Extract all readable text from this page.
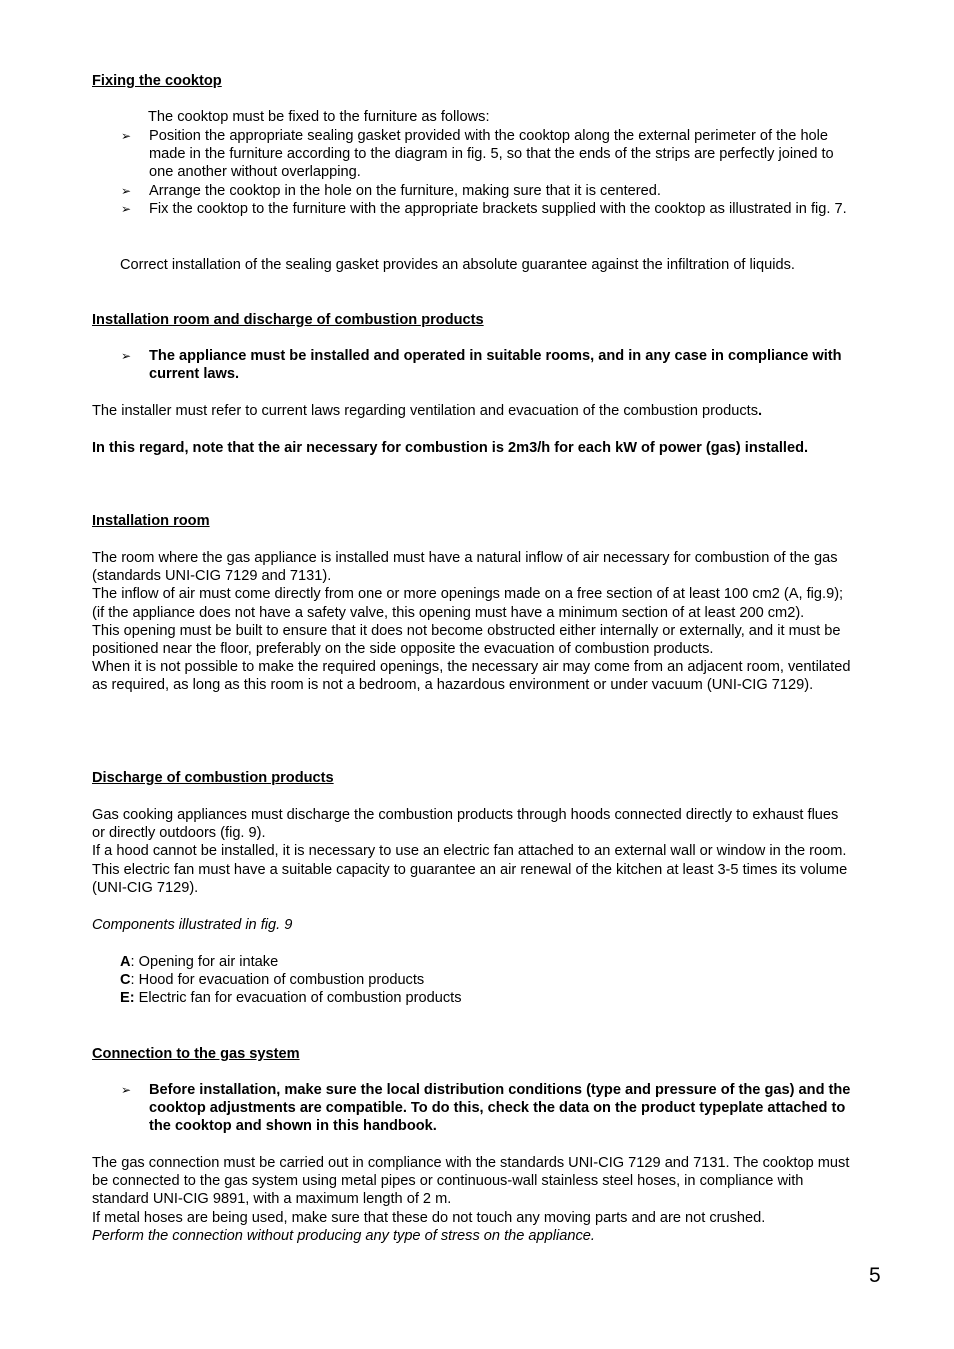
Fixing the cooktop

The cooktop must be fixed to the furniture as follows:

➢ Position the appropriate sealing gasket provided with the cooktop along the external perimeter of the hole made in the furniture according to the diagram in fig. 5, so that the ends of the strips are perfectly joined to one another without overlapping.
➢ Arrange the cooktop in the hole on the furniture, making sure that it is centered.
➢ Fix the cooktop to the furniture with the appropriate brackets supplied with the cooktop as illustrated in fig. 7.

Correct installation of the sealing gasket provides an absolute guarantee against the infiltration of liquids.

Installation room and discharge of combustion products

➢ The appliance must be installed and operated in suitable rooms, and in any case in compliance with current laws.

The installer must refer to current laws regarding ventilation and evacuation of the combustion products.

In this regard, note that the air necessary for combustion is 2m3/h for each kW of power (gas) installed.

Installation room

The room where the gas appliance is installed must have a natural inflow of air necessary for combustion of the gas (standards UNI-CIG 7129 and 7131).
The inflow of air must come directly from one or more openings made on a free section of at least 100 cm2 (A, fig.9); (if the appliance does not have a safety valve, this opening must have a minimum section of at least 200 cm2).
This opening must be built to ensure that it does not become obstructed either internally or externally, and it must be positioned near the floor, preferably on the side opposite the evacuation of combustion products.
When it is not possible to make the required openings, the necessary air may come from an adjacent room, ventilated as required, as long as this room is not a bedroom, a hazardous environment or under vacuum (UNI-CIG 7129).

Discharge of combustion products

Gas cooking appliances must discharge the combustion products through hoods connected directly to exhaust flues or directly outdoors (fig. 9).
If a hood cannot be installed, it is necessary to use an electric fan attached to an external wall or window in the room. This electric fan must have a suitable capacity to guarantee an air renewal of the kitchen at least 3-5 times its volume (UNI-CIG 7129).

Components illustrated in fig. 9

A: Opening for air intake
C: Hood for evacuation of combustion products
E: Electric fan for evacuation of combustion products

Connection to the gas system

➢ Before installation, make sure the local distribution conditions (type and pressure of the gas) and the cooktop adjustments are compatible. To do this, check the data on the product typeplate attached to the cooktop and shown in this handbook.
The gas connection must be carried out in compliance with the standards UNI-CIG 7129 and 7131. The cooktop must be connected to the gas system using metal pipes or continuous-wall stainless steel hoses, in compliance with standard UNI-CIG 9891, with a maximum length of 2 m.
If metal hoses are being used, make sure that these do not touch any moving parts and are not crushed.
Perform the connection without producing any type of stress on the appliance.
5
